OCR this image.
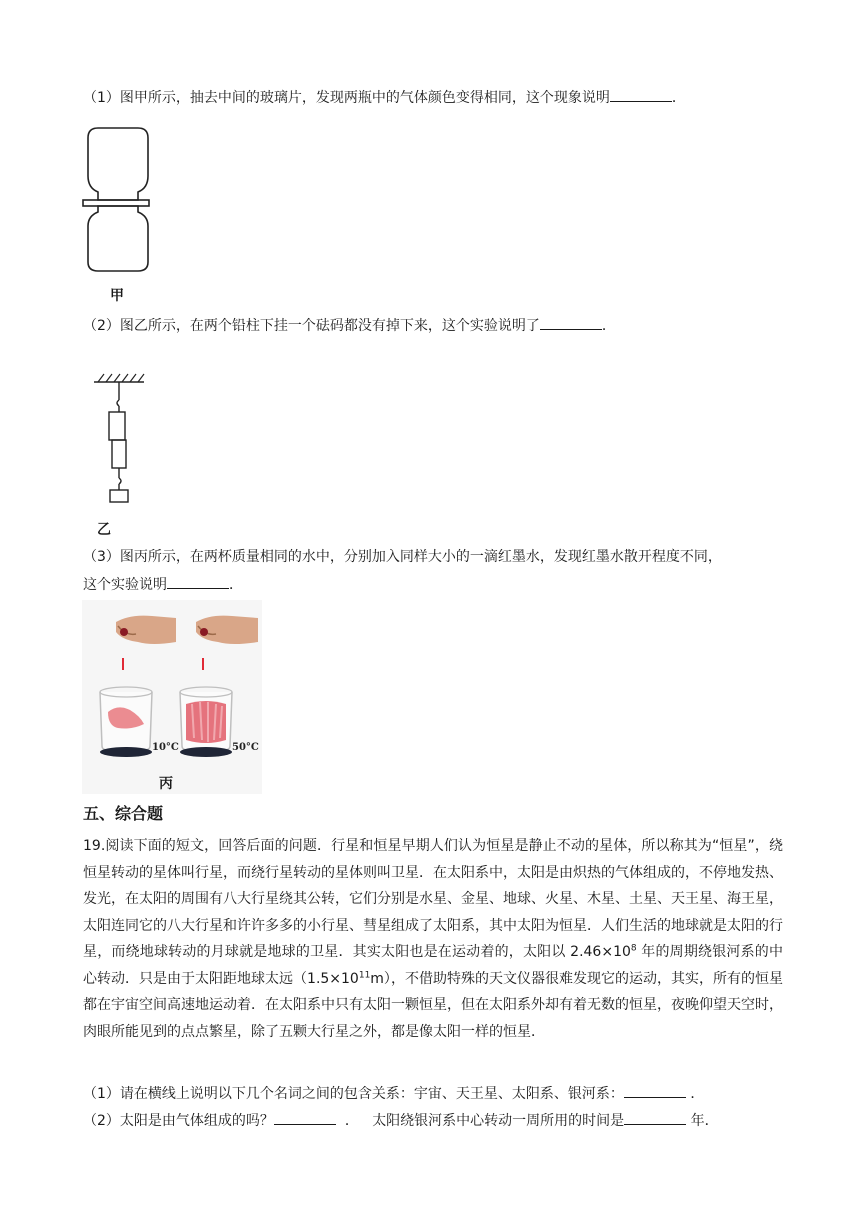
（1）图甲所示，抽去中间的玻璃片，发现两瓶中的气体颜色变得相同，这个现象说明	．
甲
（2）图乙所示，在两个铅柱下挂一个砝码都没有掉下来，这个实验说明了	．
乙
（3）图丙所示，在两杯质量相同的水中，分别加入同样大小的一滴红墨水，发现红墨水散开程度不同，
这个实验说明	．
10°C	50°C
丙
五、综合题
19.阅读下面的短文，回答后面的问题．行星和恒星早期人们认为恒星是静止不动的星体，所以称其为“恒星”，绕恒星转动的星体叫行星，而绕行星转动的星体则叫卫星．在太阳系中，太阳是由炽热的气体组成的，不停地发热、发光，在太阳的周围有八大行星绕其公转，它们分别是水星、金星、地球、火星、木星、土星、天王星、海王星，太阳连同它的八大行星和许许多多的小行星、彗星组成了太阳系，其中太阳为恒星．人们生活的地球就是太阳的行星，而绕地球转动的月球就是地球的卫星．其实太阳也是在运动着的，太阳以 $2.46\times 10^8$ 年的周期绕银河系的中心转动．只是由于太阳距地球太远$(1.5\times 10^{11}m)$，不借助特殊的天文仪器很难发现它的运动，其实，所有的恒星都在宇宙空间高速地运动着．在太阳系中只有太阳一颗恒星，但在太阳系外却有着无数的恒星，夜晚仰望天空时，肉眼所能见到的点点繁星，除了五颗大行星之外，都是像太阳一样的恒星．
（1）请在横线上说明以下几个名词之间的包含关系：宇宙、天王星、太阳系、银河系：	．
（2）太阳是由气体组成的吗？	． 太阳绕银河系中心转动一周所用的时间是	年．
